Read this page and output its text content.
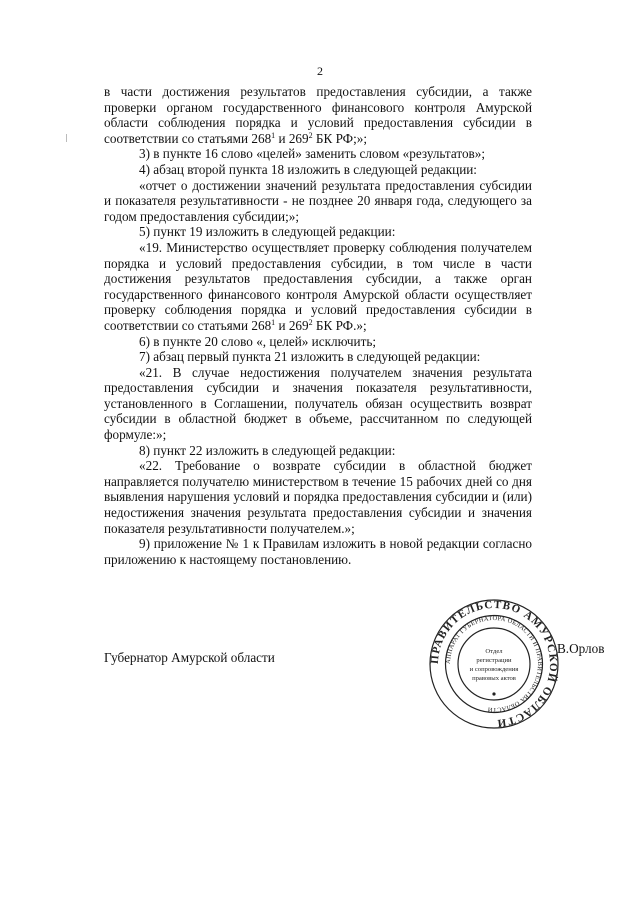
2

в части достижения результатов предоставления субсидии, а также проверки органом государственного финансового контроля Амурской области соблюдения порядка и условий предоставления субсидии в соответствии со статьями $268^1$ и $269^2$ БК РФ;»;

3) в пункте 16 слово «целей» заменить словом «результатов»;

4) абзац второй пункта 18 изложить в следующей редакции:

«отчет о достижении значений результата предоставления субсидии и показателя результативности - не позднее 20 января года, следующего за годом предоставления субсидии;»;

5) пункт 19 изложить в следующей редакции:

«19. Министерство осуществляет проверку соблюдения получателем порядка и условий предоставления субсидии, в том числе в части достижения результатов предоставления субсидии, а также орган государственного финансового контроля Амурской области осуществляет проверку соблюдения порядка и условий предоставления субсидии в соответствии со статьями $268^1$ и $269^2$ БК РФ.»;

6) в пункте 20 слово «, целей» исключить;

7) абзац первый пункта 21 изложить в следующей редакции:

«21. В случае недостижения получателем значения результата предоставления субсидии и значения показателя результативности, установленного в Соглашении, получатель обязан осуществить возврат субсидии в областной бюджет в объеме, рассчитанном по следующей формуле:»;

8) пункт 22 изложить в следующей редакции:

«22. Требование о возврате субсидии в областной бюджет направляется получателю министерством в течение 15 рабочих дней со дня выявления нарушения условий и порядка предоставления субсидии и (или) недостижения значения результата предоставления субсидии и значения показателя результативности получателем.»;

9) приложение № 1 к Правилам изложить в новой редакции согласно приложению к настоящему постановлению.

Губернатор Амурской области
В.Орлов
ПРАВИТЕЛЬСТВО АМУРСКОЙ ОБЛАСТИ
АППАРАТ ГУБЕРНАТОРА ОБЛАСТИ И ПРАВИТЕЛЬСТВА ОБЛАСТИ
Отдел
регистрации
и сопровождения
правовых актов
